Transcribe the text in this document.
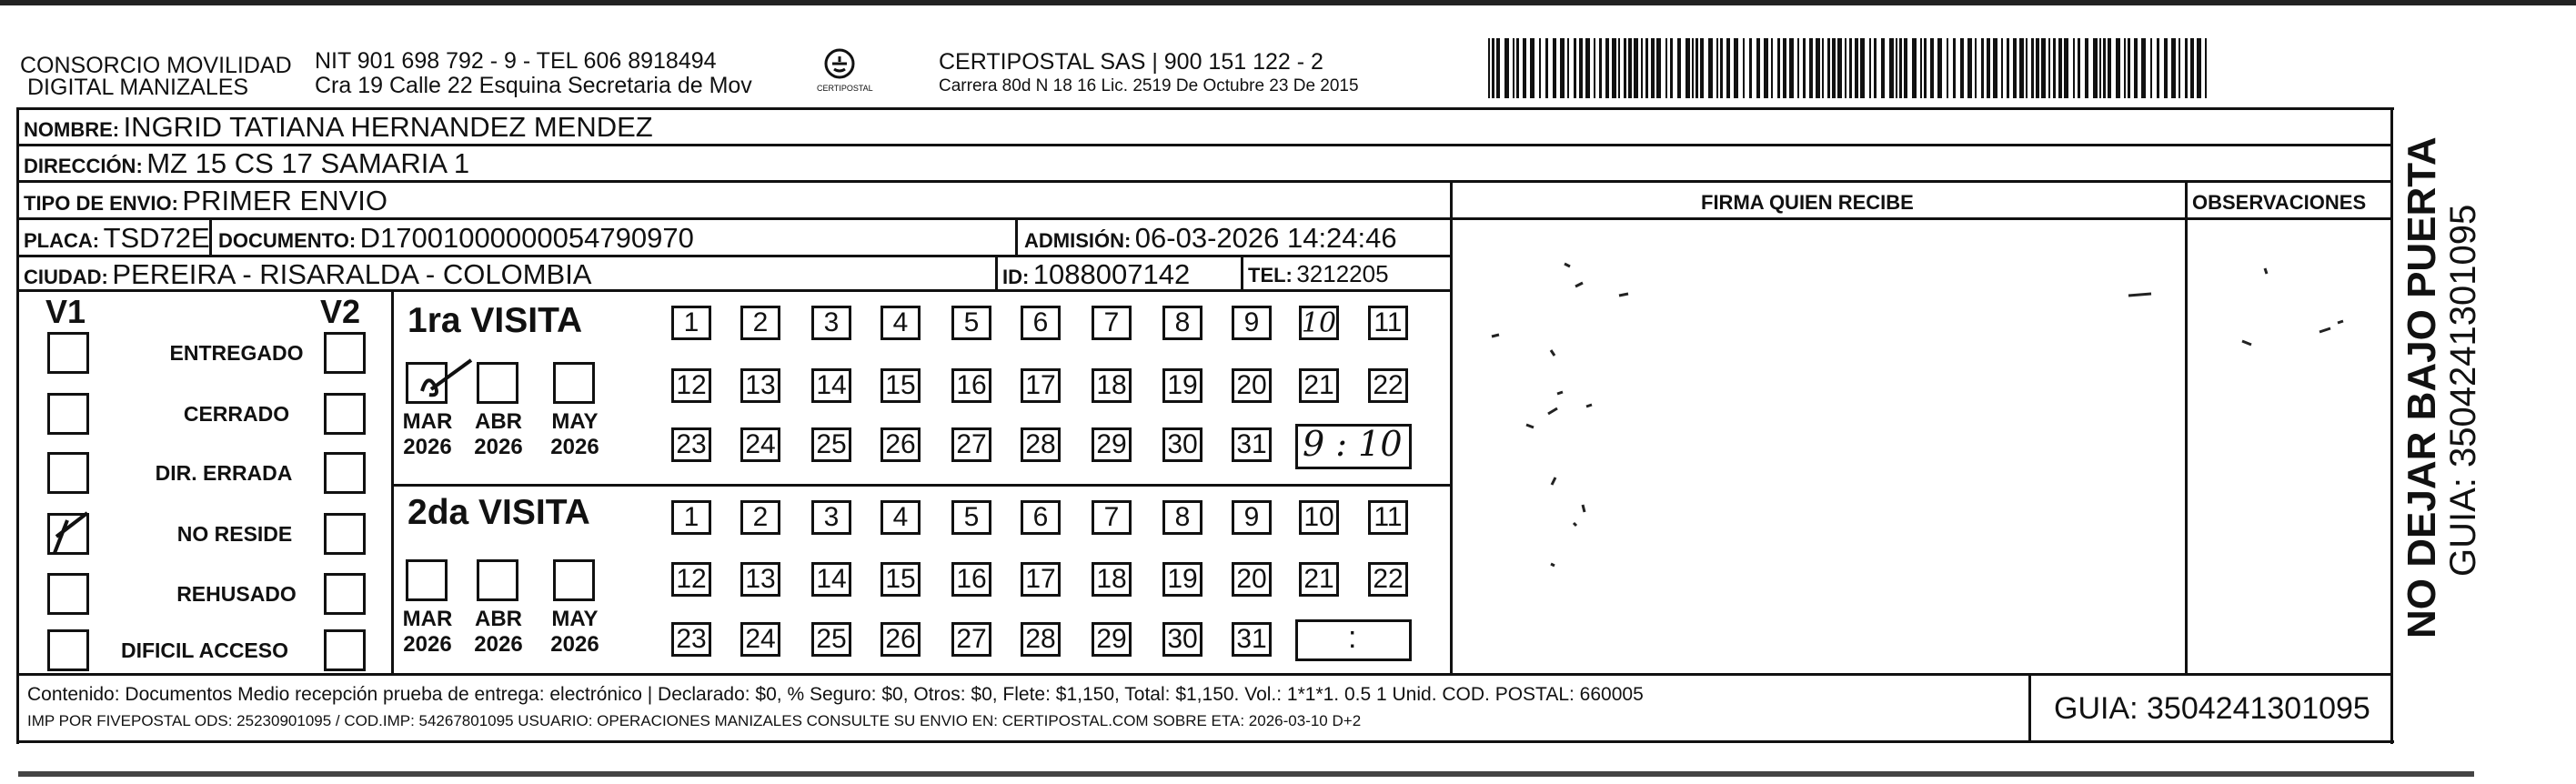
CONSORCIO MOVILIDAD
DIGITAL MANIZALES
NIT 901 698 792 - 9 - TEL 606 8918494
Cra 19 Calle 22 Esquina Secretaria de Mov	CERTIPOSTAL
CERTIPOSTAL SAS | 900 151 122 - 2
Carrera 80d N 18 16 Lic. 2519 De Octubre 23 De 2015
NOMBRE: INGRID TATIANA HERNANDEZ MENDEZ
DIRECCIÓN: MZ 15 CS 17 SAMARIA 1
TIPO DE ENVIO: PRIMER ENVIO
PLACA: TSD72E DOCUMENTO: D17001000000054790970	ADMISIÓN: 06-03-2026 14:24:46
CIUDAD: PEREIRA - RISARALDA - COLOMBIA	ID: 1088007142	TEL: 3212205
FIRMA QUIEN RECIBE	OBSERVACIONES
V1	V2
ENTREGADO
CERRADO
DIR. ERRADA
NO RESIDE
REHUSADO
DIFICIL ACCESO
1ra VISITA
2da VISITA
MAR
2026
ABR
2026
MAY
2026
MAR
2026
ABR
2026
MAY
2026
1	2	3	4	5	6	7	8	9	10 11
12 13 14 15 16 17 18 19 20 21 22
23 24 25 26 27 28 29 30 31
1	2	3	4	5	6	7	8	9	10 11
12 13 14 15 16 17 18 19 20 21 22
23 24 25 26 27 28 29 30 31
9 : 10
:
Contenido: Documentos Medio recepción prueba de entrega: electrónico | Declarado: $0, % Seguro: $0, Otros: $0, Flete: $1,150, Total: $1,150. Vol.: 1*1*1. 0.5 1 Unid. COD. POSTAL: 660005
IMP POR FIVEPOSTAL ODS: 25230901095 / COD.IMP: 54267801095 USUARIO: OPERACIONES MANIZALES CONSULTE SU ENVIO EN: CERTIPOSTAL.COM SOBRE ETA: 2026-03-10 D+2	GUIA: 3504241301095
NO DEJAR BAJO PUERTA GUIA: 3504241301095
